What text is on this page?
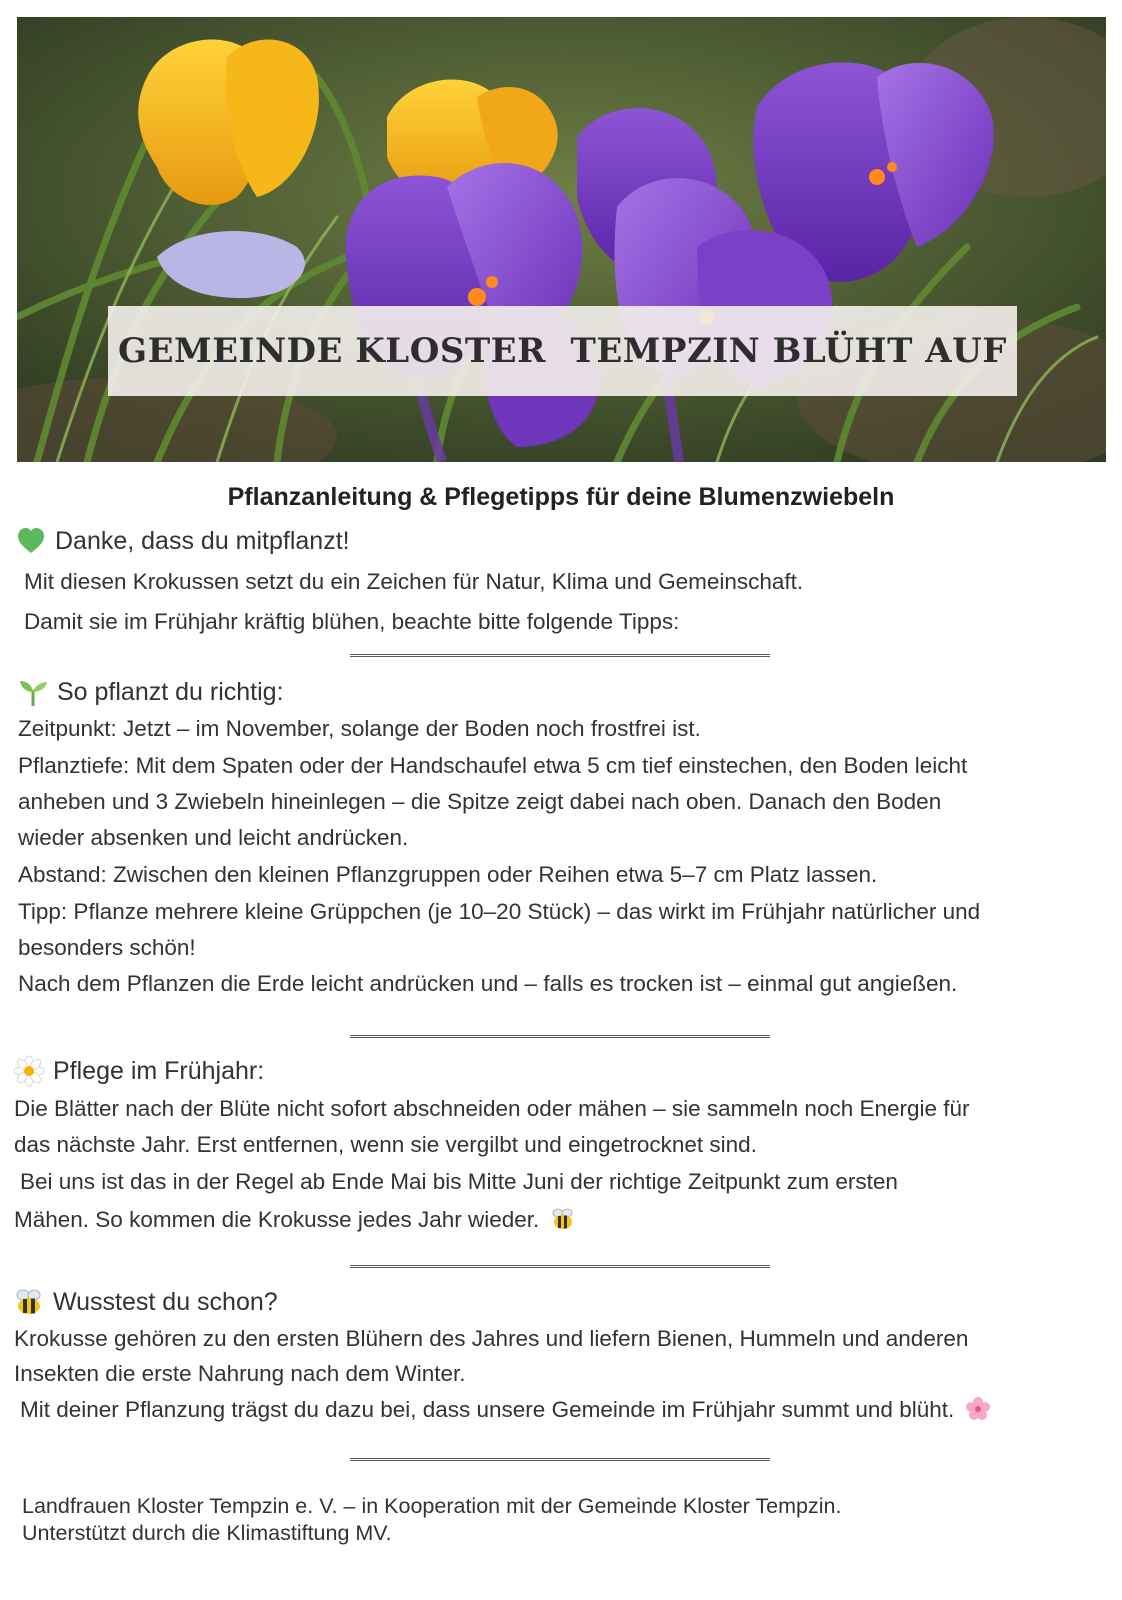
GEMEINDE KLOSTER  TEMPZIN BLÜHT AUF
Pflanzanleitung & Pflegetipps für deine Blumenzwiebeln
Danke, dass du mitpflanzt!
Mit diesen Krokussen setzt du ein Zeichen für Natur, Klima und Gemeinschaft.
Damit sie im Frühjahr kräftig blühen, beachte bitte folgende Tipps:
So pflanzt du richtig:
Zeitpunkt: Jetzt – im November, solange der Boden noch frostfrei ist.
Pflanztiefe: Mit dem Spaten oder der Handschaufel etwa 5 cm tief einstechen, den Boden leicht
anheben und 3 Zwiebeln hineinlegen – die Spitze zeigt dabei nach oben. Danach den Boden
wieder absenken und leicht andrücken.
Abstand: Zwischen den kleinen Pflanzgruppen oder Reihen etwa 5–7 cm Platz lassen.
Tipp: Pflanze mehrere kleine Grüppchen (je 10–20 Stück) – das wirkt im Frühjahr natürlicher und
besonders schön!
Nach dem Pflanzen die Erde leicht andrücken und – falls es trocken ist – einmal gut angießen.
Pflege im Frühjahr:
Die Blätter nach der Blüte nicht sofort abschneiden oder mähen – sie sammeln noch Energie für
das nächste Jahr. Erst entfernen, wenn sie vergilbt und eingetrocknet sind.
Bei uns ist das in der Regel ab Ende Mai bis Mitte Juni der richtige Zeitpunkt zum ersten
Mähen. So kommen die Krokusse jedes Jahr wieder.
Wusstest du schon?
Krokusse gehören zu den ersten Blühern des Jahres und liefern Bienen, Hummeln und anderen
Insekten die erste Nahrung nach dem Winter.
Mit deiner Pflanzung trägst du dazu bei, dass unsere Gemeinde im Frühjahr summt und blüht.
Landfrauen Kloster Tempzin e. V. – in Kooperation mit der Gemeinde Kloster Tempzin.
Unterstützt durch die Klimastiftung MV.
